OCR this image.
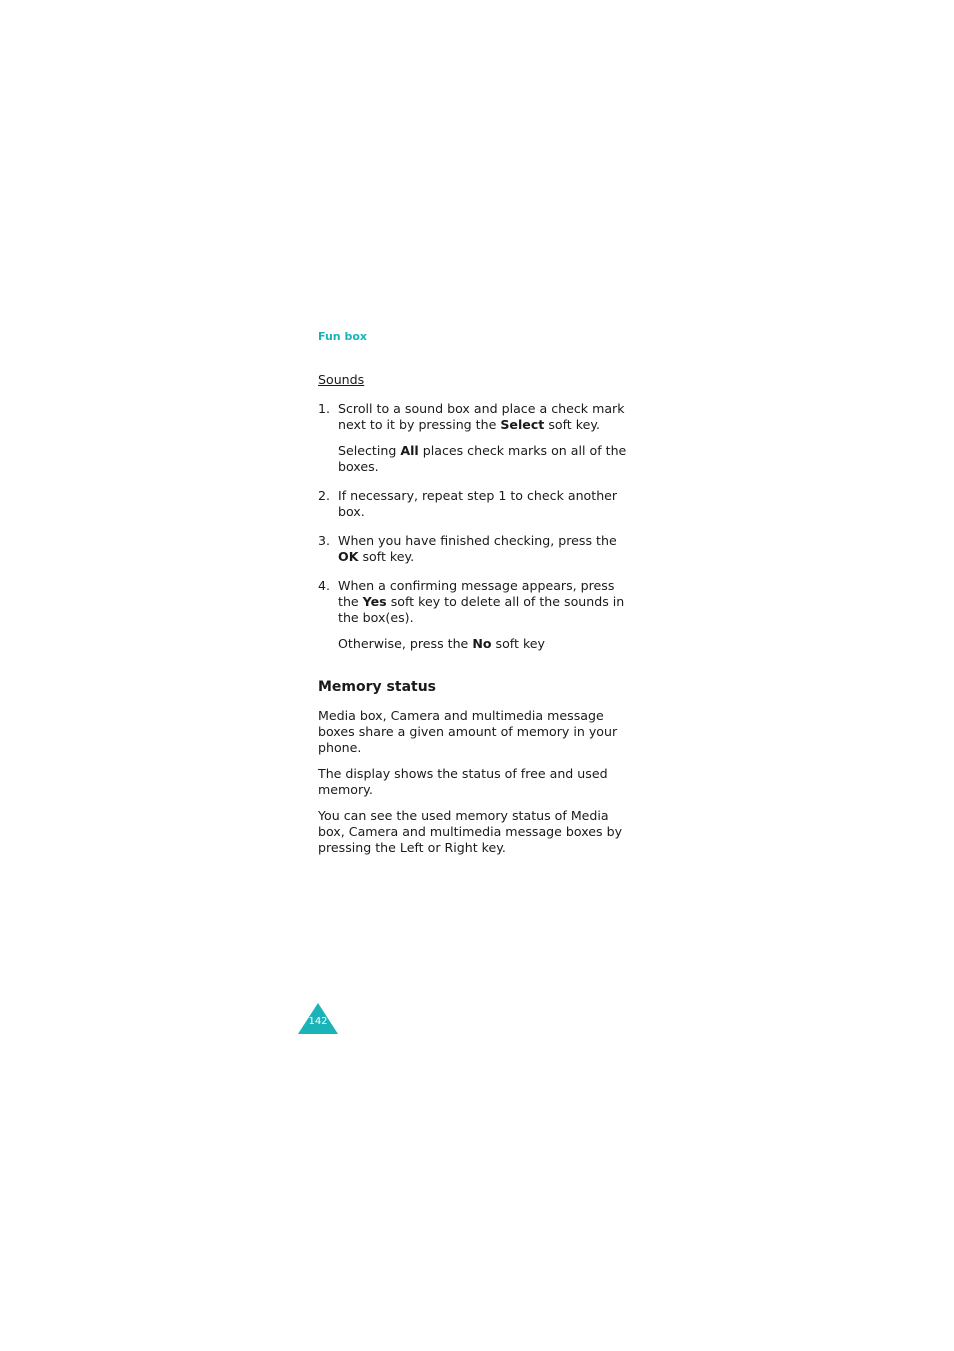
Fun box
Sounds
1. Scroll to a sound box and place a check mark next to it by pressing the Select soft key.

Selecting All places check marks on all of the boxes.

2. If necessary, repeat step 1 to check another box.

3. When you have finished checking, press the OK soft key.

4. When a confirming message appears, press the Yes soft key to delete all of the sounds in the box(es).

Otherwise, press the No soft key

Memory status

Media box, Camera and multimedia message boxes share a given amount of memory in your phone.

The display shows the status of free and used memory.

You can see the used memory status of Media box, Camera and multimedia message boxes by pressing the Left or Right key.

142
